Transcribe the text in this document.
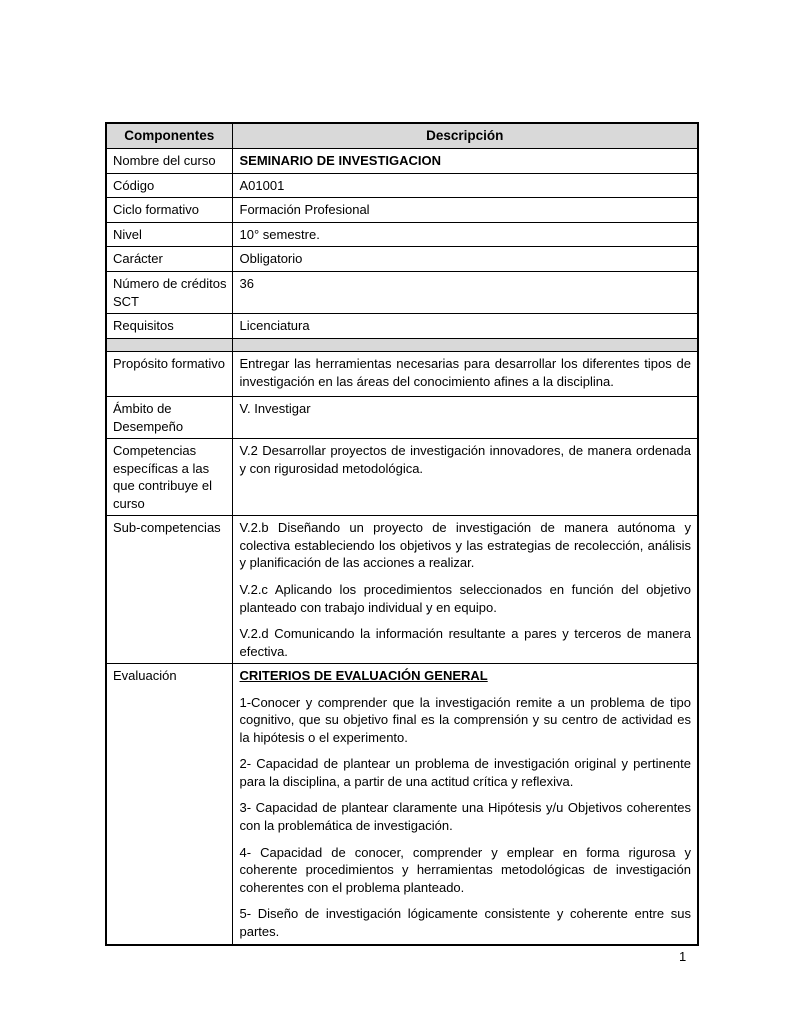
Componentes	Descripción
Nombre del curso	SEMINARIO DE INVESTIGACION
Código	A01001
Ciclo formativo	Formación Profesional
Nivel	10° semestre.
Carácter	Obligatorio
Número de créditos SCT	36
Requisitos	Licenciatura

Propósito formativo	Entregar las herramientas necesarias para desarrollar los diferentes tipos de investigación en las áreas del conocimiento afines a la disciplina.

Ámbito de Desempeño	V. Investigar
Competencias específicas a las que contribuye el curso	V.2 Desarrollar proyectos de investigación innovadores, de manera ordenada y con rigurosidad metodológica.

Sub-competencias	V.2.b Diseñando un proyecto de investigación de manera autónoma y colectiva estableciendo los objetivos y las estrategias de recolección, análisis y planificación de las acciones a realizar.

V.2.c Aplicando los procedimientos seleccionados en función del objetivo planteado con trabajo individual y en equipo.

V.2.d Comunicando la información resultante a pares y terceros de manera efectiva.

Evaluación	CRITERIOS DE EVALUACIÓN GENERAL

1-Conocer y comprender que la investigación remite a un problema de tipo cognitivo, que su objetivo final es la comprensión y su centro de actividad es la hipótesis o el experimento.

2- Capacidad de plantear un problema de investigación original y pertinente para la disciplina, a partir de una actitud crítica y reflexiva.

3- Capacidad de plantear claramente una Hipótesis y/u Objetivos coherentes con la problemática de investigación.

4- Capacidad de conocer, comprender y emplear en forma rigurosa y coherente procedimientos y herramientas metodológicas de investigación coherentes con el problema planteado.

5- Diseño de investigación lógicamente consistente y coherente entre sus partes.

1
